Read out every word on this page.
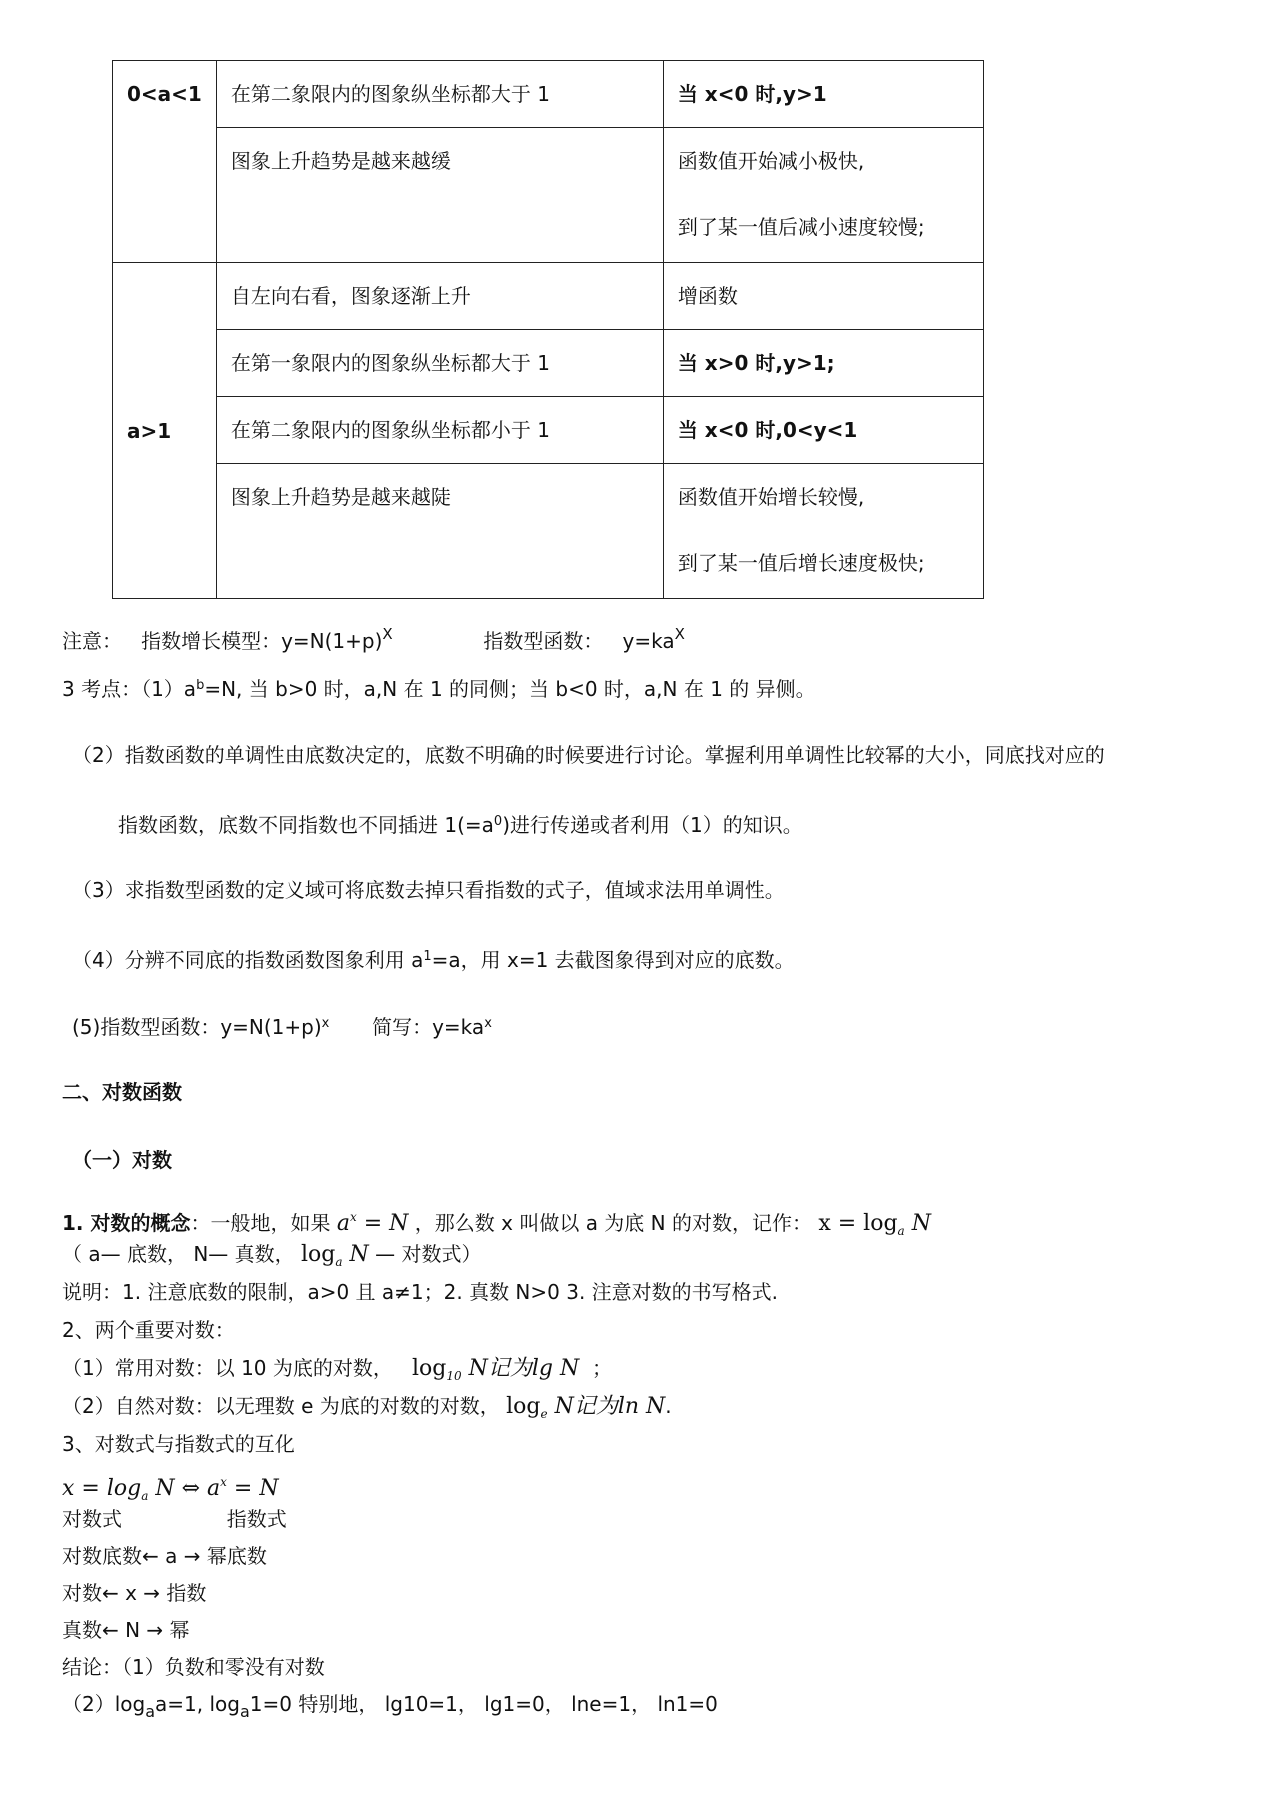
0<a<1	在第二象限内的图象纵坐标都大于 1	当 x<0 时,y>1

	图象上升趋势是越来越缓	函数值开始减小极快,
到了某一值后减小速度较慢;

a>1	自左向右看，图象逐渐上升	增函数
	在第一象限内的图象纵坐标都大于 1	当 x>0 时,y>1;
	在第二象限内的图象纵坐标都小于 1	当 x<0 时,0<y<1

	图象上升趋势是越来越陡	函数值开始增长较慢,
到了某一值后增长速度极快;
注意： 指数增长模型：$y=N(1+p)^X$	指数型函数： $y=ka^X$
3 考点：$(1)a^b=N$, 当 b>0 时，a,N 在 1 的同侧；当 b<0 时，a,N 在 1 的 异侧。
（2）指数函数的单调性由底数决定的，底数不明确的时候要进行讨论。掌握利用单调性比较幂的大小，同底找对应的
指数函数，底数不同指数也不同插进 $1(=a^0)$进行传递或者利用（1）的知识。
（3）求指数型函数的定义域可将底数去掉只看指数的式子，值域求法用单调性。
（4）分辨不同底的指数函数图象利用 $a^1=a$，用 x=1 去截图象得到对应的底数。
(5)指数型函数：$y=N(1+p)^x$ 简写：$y=ka^x$
二、对数函数
（一）对数
1. 对数的概念：一般地，如果 $a^x = N$ ，那么数 x 叫做以 a 为底 N 的对数，记作： $x = \log_a N$
（ a— 底数， N— 真数， $\log_a N$ — 对数式）
说明：1. 注意底数的限制，a>0 且 a≠1；2. 真数 N>0 3. 注意对数的书写格式.
2、两个重要对数：
（1）常用对数：以 10 为底的对数， $\log_{10} N$记为lg N ；
（2）自然对数：以无理数 e 为底的对数的对数， $\log_e N$记为ln N.
3、对数式与指数式的互化
$x = \log_a N$ ⇔ $a^x = N$
对数式	指数式
对数底数← a → 幂底数
对数← x → 指数
真数← N → 幂
结论：（1）负数和零没有对数
$(2)\log_aa=1$, $\log_a1=0$ 特别地， lg10=1， lg1=0， lne=1， ln1=0
